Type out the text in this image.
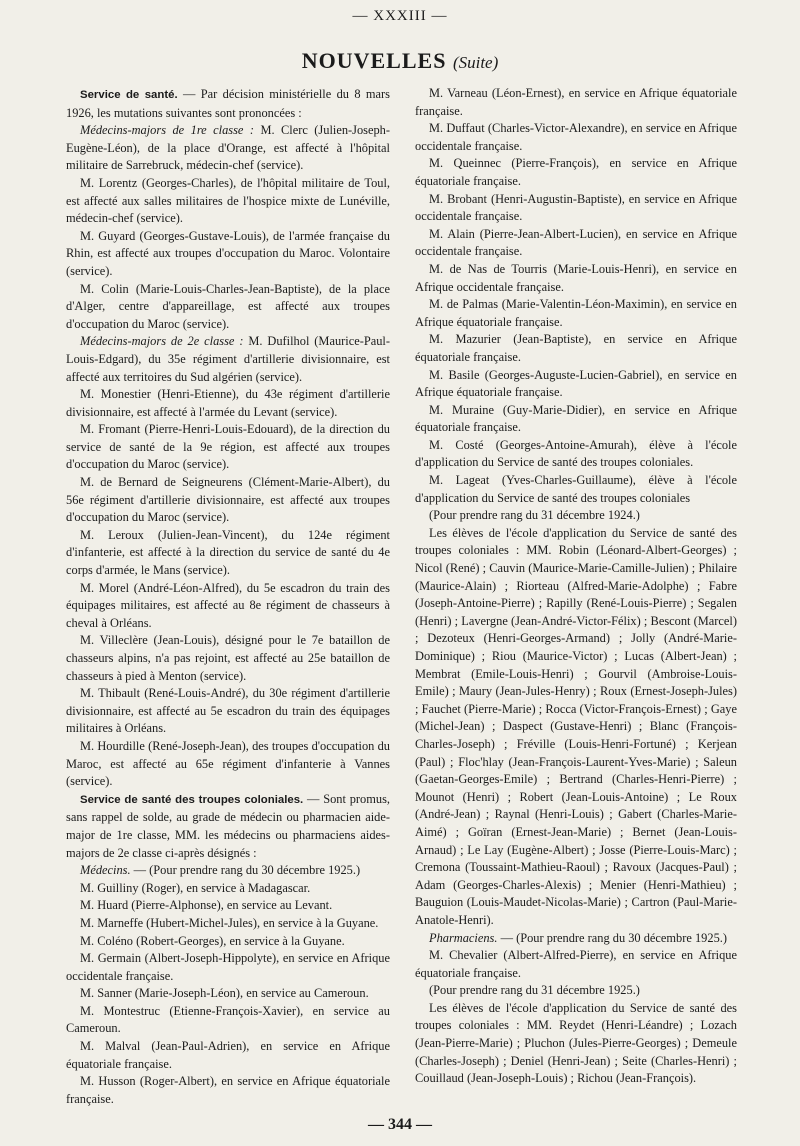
— XXXIII —
NOUVELLES (Suite)

Service de santé. — Par décision ministérielle du 8 mars 1926, les mutations suivantes sont prononcées :

Médecins-majors de 1re classe : M. Clerc (Julien-Joseph-Eugène-Léon), de la place d'Orange, est affecté à l'hôpital militaire de Sarrebruck, médecin-chef (service).

M. Lorentz (Georges-Charles), de l'hôpital militaire de Toul, est affecté aux salles militaires de l'hospice mixte de Lunéville, médecin-chef (service).

M. Guyard (Georges-Gustave-Louis), de l'armée française du Rhin, est affecté aux troupes d'occupation du Maroc. Volontaire (service).

M. Colin (Marie-Louis-Charles-Jean-Baptiste), de la place d'Alger, centre d'appareillage, est affecté aux troupes d'occupation du Maroc (service).

Médecins-majors de 2e classe : M. Dufilhol (Maurice-Paul-Louis-Edgard), du 35e régiment d'artillerie divisionnaire, est affecté aux territoires du Sud algérien (service).

M. Monestier (Henri-Etienne), du 43e régiment d'artillerie divisionnaire, est affecté à l'armée du Levant (service).

M. Fromant (Pierre-Henri-Louis-Edouard), de la direction du service de santé de la 9e région, est affecté aux troupes d'occupation du Maroc (service).

M. de Bernard de Seigneurens (Clément-Marie-Albert), du 56e régiment d'artillerie divisionnaire, est affecté aux troupes d'occupation du Maroc (service).

M. Leroux (Julien-Jean-Vincent), du 124e régiment d'infanterie, est affecté à la direction du service de santé du 4e corps d'armée, le Mans (service).

M. Morel (André-Léon-Alfred), du 5e escadron du train des équipages militaires, est affecté au 8e régiment de chasseurs à cheval à Orléans.

M. Villeclère (Jean-Louis), désigné pour le 7e bataillon de chasseurs alpins, n'a pas rejoint, est affecté au 25e bataillon de chasseurs à pied à Menton (service).

M. Thibault (René-Louis-André), du 30e régiment d'artillerie divisionnaire, est affecté au 5e escadron du train des équipages militaires à Orléans.

M. Hourdille (René-Joseph-Jean), des troupes d'occupation du Maroc, est affecté au 65e régiment d'infanterie à Vannes (service).

Service de santé des troupes coloniales. — Sont promus, sans rappel de solde, au grade de médecin ou pharmacien aide-major de 1re classe, MM. les médecins ou pharmaciens aides-majors de 2e classe ci-après désignés :

Médecins. — (Pour prendre rang du 30 décembre 1925.)

M. Guilliny (Roger), en service à Madagascar.

M. Huard (Pierre-Alphonse), en service au Levant.

M. Marneffe (Hubert-Michel-Jules), en service à la Guyane.

M. Coléno (Robert-Georges), en service à la Guyane.

M. Germain (Albert-Joseph-Hippolyte), en service en Afrique occidentale française.

M. Sanner (Marie-Joseph-Léon), en service au Cameroun.

M. Montestruc (Etienne-François-Xavier), en service au Cameroun.

M. Malval (Jean-Paul-Adrien), en service en Afrique équatoriale française.

M. Husson (Roger-Albert), en service en Afrique équatoriale française.

M. Varneau (Léon-Ernest), en service en Afrique équatoriale française.

M. Duffaut (Charles-Victor-Alexandre), en service en Afrique occidentale française.

M. Queinnec (Pierre-François), en service en Afrique équatoriale française.

M. Brobant (Henri-Augustin-Baptiste), en service en Afrique occidentale française.

M. Alain (Pierre-Jean-Albert-Lucien), en service en Afrique occidentale française.

M. de Nas de Tourris (Marie-Louis-Henri), en service en Afrique occidentale française.

M. de Palmas (Marie-Valentin-Léon-Maximin), en service en Afrique équatoriale française.

M. Mazurier (Jean-Baptiste), en service en Afrique équatoriale française.

M. Basile (Georges-Auguste-Lucien-Gabriel), en service en Afrique équatoriale française.

M. Muraine (Guy-Marie-Didier), en service en Afrique équatoriale française.

M. Costé (Georges-Antoine-Amurah), élève à l'école d'application du Service de santé des troupes coloniales.

M. Lageat (Yves-Charles-Guillaume), élève à l'école d'application du Service de santé des troupes coloniales

(Pour prendre rang du 31 décembre 1924.)

Les élèves de l'école d'application du Service de santé des troupes coloniales : MM. Robin (Léonard-Albert-Georges) ; Nicol (René) ; Cauvin (Maurice-Marie-Camille-Julien) ; Philaire (Maurice-Alain) ; Riorteau (Alfred-Marie-Adolphe) ; Fabre (Joseph-Antoine-Pierre) ; Rapilly (René-Louis-Pierre) ; Segalen (Henri) ; Lavergne (Jean-André-Victor-Félix) ; Bescont (Marcel) ; Dezoteux (Henri-Georges-Armand) ; Jolly (André-Marie-Dominique) ; Riou (Maurice-Victor) ; Lucas (Albert-Jean) ; Membrat (Emile-Louis-Henri) ; Gourvil (Ambroise-Louis-Emile) ; Maury (Jean-Jules-Henry) ; Roux (Ernest-Joseph-Jules) ; Fauchet (Pierre-Marie) ; Rocca (Victor-François-Ernest) ; Gaye (Michel-Jean) ; Daspect (Gustave-Henri) ; Blanc (François-Charles-Joseph) ; Fréville (Louis-Henri-Fortuné) ; Kerjean (Paul) ; Floc'hlay (Jean-François-Laurent-Yves-Marie) ; Saleun (Gaetan-Georges-Emile) ; Bertrand (Charles-Henri-Pierre) ; Mounot (Henri) ; Robert (Jean-Louis-Antoine) ; Le Roux (André-Jean) ; Raynal (Henri-Louis) ; Gabert (Charles-Marie-Aimé) ; Goïran (Ernest-Jean-Marie) ; Bernet (Jean-Louis-Arnaud) ; Le Lay (Eugène-Albert) ; Josse (Pierre-Louis-Marc) ; Cremona (Toussaint-Mathieu-Raoul) ; Ravoux (Jacques-Paul) ; Adam (Georges-Charles-Alexis) ; Menier (Henri-Mathieu) ; Bauguion (Louis-Maudet-Nicolas-Marie) ; Cartron (Paul-Marie-Anatole-Henri).

Pharmaciens. — (Pour prendre rang du 30 décembre 1925.)

M. Chevalier (Albert-Alfred-Pierre), en service en Afrique équatoriale française.

(Pour prendre rang du 31 décembre 1925.)

Les élèves de l'école d'application du Service de santé des troupes coloniales : MM. Reydet (Henri-Léandre) ; Lozach (Jean-Pierre-Marie) ; Pluchon (Jules-Pierre-Georges) ; Demeule (Charles-Joseph) ; Deniel (Henri-Jean) ; Seite (Charles-Henri) ; Couillaud (Jean-Joseph-Louis) ; Richou (Jean-François).

— 344 —
